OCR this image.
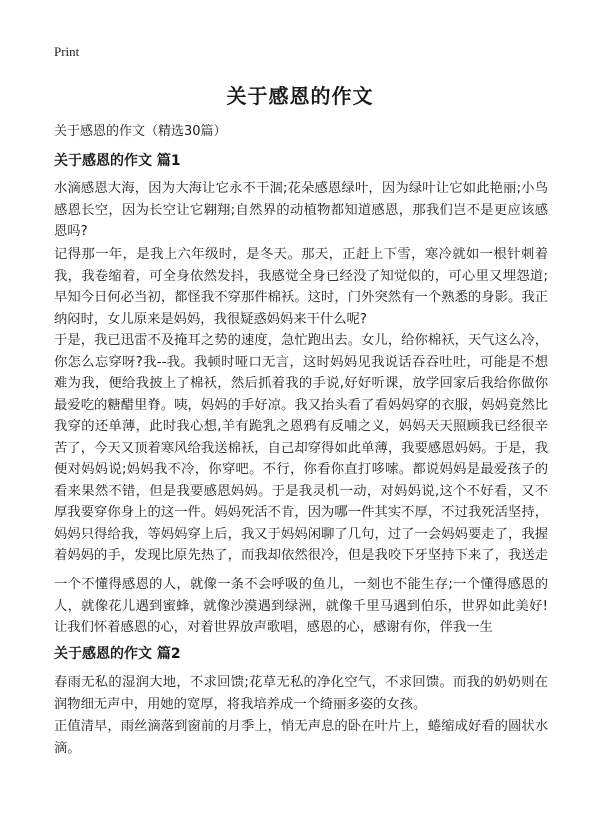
Print
关于感恩的作文
关于感恩的作文（精选30篇）
关于感恩的作文 篇1
水滴感恩大海，因为大海让它永不干涸;花朵感恩绿叶，因为绿叶让它如此艳丽;小鸟感恩长空，因为长空让它翱翔;自然界的动植物都知道感恩，那我们岂不是更应该感恩吗?
记得那一年，是我上六年级时，是冬天。那天，正赶上下雪，寒冷就如一根针刺着我，我卷缩着，可全身依然发抖，我感觉全身已经没了知觉似的，可心里又埋怨道;早知今日何必当初，都怪我不穿那件棉袄。这时，门外突然有一个熟悉的身影。我正纳闷时，女儿原来是妈妈，我很疑惑妈妈来干什么呢?
于是，我已迅雷不及掩耳之势的速度，急忙跑出去。女儿，给你棉袄，天气这么冷，你怎么忘穿呀?我--我。我顿时哑口无言，这时妈妈见我说话吞吞吐吐，可能是不想难为我，便给我披上了棉袄，然后抓着我的手说,好好听课，放学回家后我给你做你最爱吃的糖醋里脊。咦，妈妈的手好凉。我又抬头看了看妈妈穿的衣服，妈妈竟然比我穿的还单薄，此时我心想,羊有跪乳之恩鸦有反哺之义，妈妈天天照顾我已经很辛苦了，今天又顶着寒风给我送棉袄，自己却穿得如此单薄，我要感恩妈妈。于是，我便对妈妈说;妈妈我不冷，你穿吧。不行，你看你直打哆嗦。都说妈妈是最爱孩子的看来果然不错，但是我要感恩妈妈。于是我灵机一动，对妈妈说,这个不好看，又不厚我要穿你身上的这一件。妈妈死活不肯，因为哪一件其实不厚，不过我死活坚持，妈妈只得给我，等妈妈穿上后，我又于妈妈闲聊了几句，过了一会妈妈要走了，我握着妈妈的手，发现比原先热了，而我却依然很冷，但是我咬下牙坚持下来了，我送走
一个不懂得感恩的人，就像一条不会呼吸的鱼儿，一刻也不能生存;一个懂得感恩的人，就像花儿遇到蜜蜂，就像沙漠遇到绿洲，就像千里马遇到伯乐，世界如此美好!让我们怀着感恩的心，对着世界放声歌唱，感恩的心，感谢有你，伴我一生
关于感恩的作文 篇2
春雨无私的湿润大地，不求回馈;花草无私的净化空气，不求回馈。而我的奶奶则在润物细无声中，用她的宽厚，将我培养成一个绮丽多姿的女孩。
正值清早，雨丝滴落到窗前的月季上，悄无声息的卧在叶片上，蜷缩成好看的圆状水滴。
